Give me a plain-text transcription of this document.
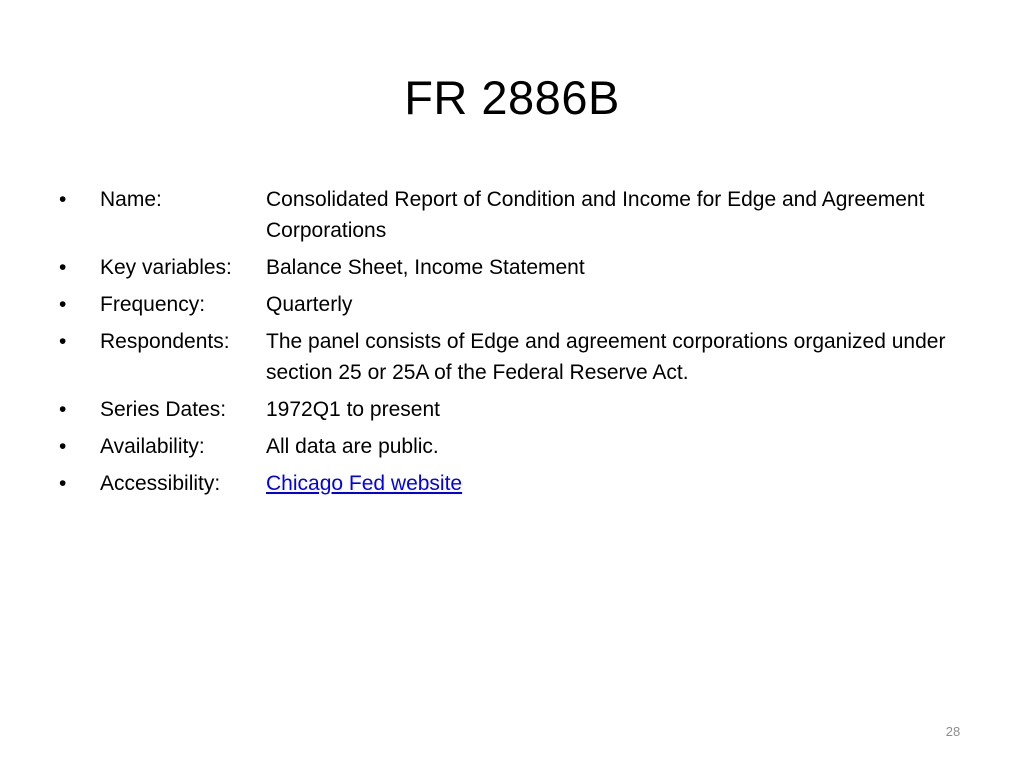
FR 2886B
•	Name:	Consolidated Report of Condition and Income for Edge and Agreement Corporations
•	Key variables:	Balance Sheet, Income Statement
•	Frequency:	Quarterly
•	Respondents:	The panel consists of Edge and agreement corporations organized under section 25 or 25A of the Federal Reserve Act.
•	Series Dates:	1972Q1 to present
•	Availability:	All data are public.
•	Accessibility:	Chicago Fed website
28
